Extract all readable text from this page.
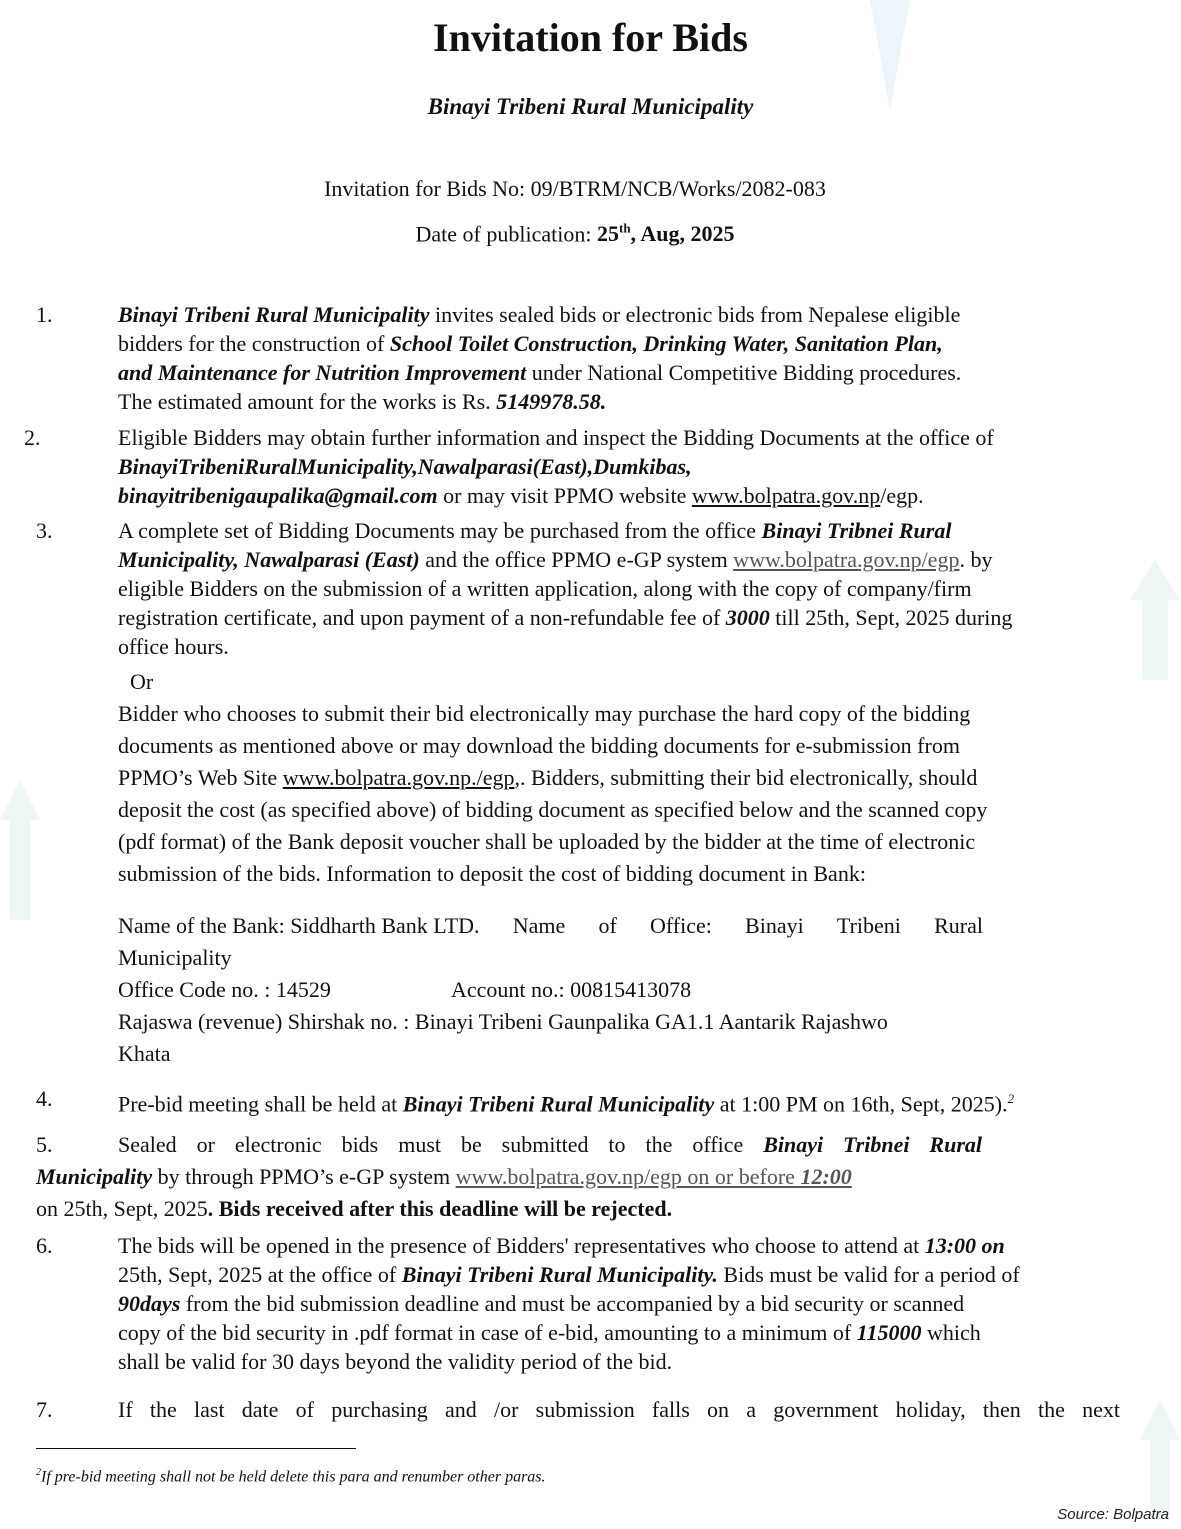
Invitation for Bids
Binayi Tribeni Rural Municipality
Invitation for Bids No: 09/BTRM/NCB/Works/2082-083
Date of publication: 25th, Aug, 2025
1.	Binayi Tribeni Rural Municipality invites sealed bids or electronic bids from Nepalese eligible
bidders for the construction of School Toilet Construction, Drinking Water, Sanitation Plan,
and Maintenance for Nutrition Improvement under National Competitive Bidding procedures.
The estimated amount for the works is Rs. 5149978.58.
2.	Eligible Bidders may obtain further information and inspect the Bidding Documents at the office of
BinayiTribeniRuralMunicipality,Nawalparasi(East),Dumkibas,
binayitribenigaupalika@gmail.com or may visit PPMO website www.bolpatra.gov.np/egp.
3.	A complete set of Bidding Documents may be purchased from the office Binayi Tribnei Rural
Municipality, Nawalparasi (East) and the office PPMO e-GP system www.bolpatra.gov.np/egp. by
eligible Bidders on the submission of a written application, along with the copy of company/firm
registration certificate, and upon payment of a non-refundable fee of 3000 till 25th, Sept, 2025 during
office hours.
Or
Bidder who chooses to submit their bid electronically may purchase the hard copy of the bidding
documents as mentioned above or may download the bidding documents for e-submission from
PPMO’s Web Site www.bolpatra.gov.np./egp,. Bidders, submitting their bid electronically, should
deposit the cost (as specified above) of bidding document as specified below and the scanned copy
(pdf format) of the Bank deposit voucher shall be uploaded by the bidder at the time of electronic
submission of the bids. Information to deposit the cost of bidding document in Bank:
Name of the Bank: Siddharth Bank LTD. Name of Office: Binayi Tribeni Rural
Municipality
Office Code no. : 14529	Account no.: 00815413078
Rajaswa (revenue) Shirshak no. : Binayi Tribeni Gaunpalika GA1.1 Aantarik Rajashwo
Khata
4.	Pre-bid meeting shall be held at Binayi Tribeni Rural Municipality at 1:00 PM on 16th, Sept, 2025).$^2$
5.	Sealed or electronic bids must be submitted to the office Binayi Tribnei Rural
Municipality by through PPMO’s e-GP system www.bolpatra.gov.np/egp on or before 12:00
on 25th, Sept, 2025. Bids received after this deadline will be rejected.
6.	The bids will be opened in the presence of Bidders' representatives who choose to attend at 13:00 on
25th, Sept, 2025 at the office of Binayi Tribeni Rural Municipality. Bids must be valid for a period of
90days from the bid submission deadline and must be accompanied by a bid security or scanned
copy of the bid security in .pdf format in case of e-bid, amounting to a minimum of 115000 which
shall be valid for 30 days beyond the validity period of the bid.
7.	If the last date of purchasing and /or submission falls on a government holiday, then the next
$^2$If pre-bid meeting shall not be held delete this para and renumber other paras.
Source: Bolpatra
